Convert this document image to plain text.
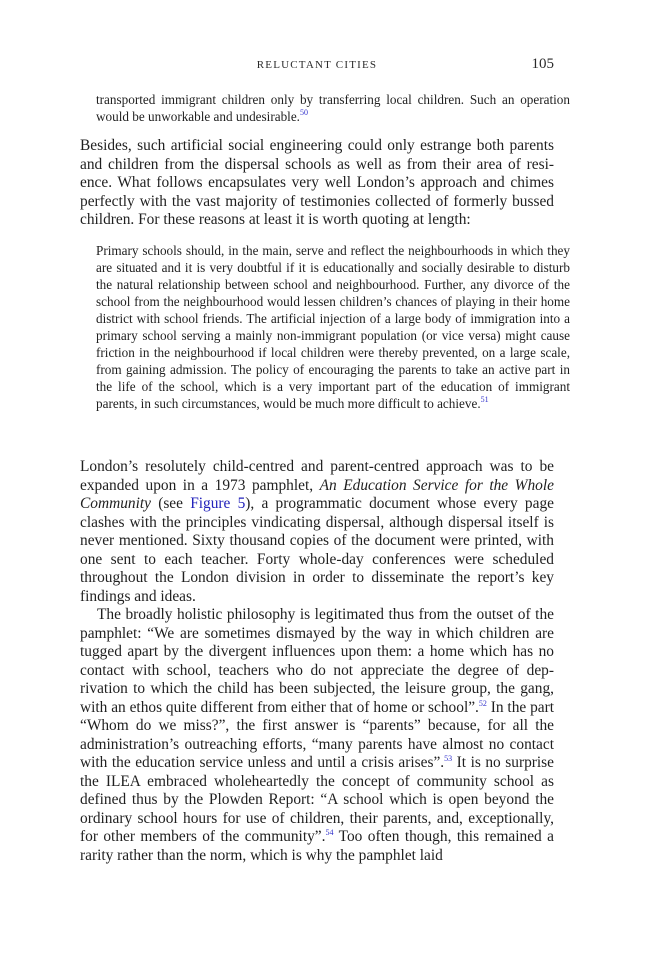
RELUCTANT CITIES	105
transported immigrant children only by transferring local children. Such an operation would be unworkable and undesirable.$^{50}$

Besides, such artificial social engineering could only estrange both parents and children from the dispersal schools as well as from their area of resience. What follows encapsulates very well London’s approach and chimes perfectly with the vast majority of testimonies collected of formerly bussed children. For these reasons at least it is worth quoting at length:

Primary schools should, in the main, serve and reflect the neighbourhoods in which they are situated and it is very doubtful if it is educationally and socially desirable to disturb the natural relationship between school and neighbourhood. Further, any divorce of the school from the neighbourhood would lessen children’s chances of playing in their home district with school friends. The artificial injection of a large body of immigration into a primary school serving a mainly non-immigrant population (or vice versa) might cause friction in the neighbourhood if local children were thereby prevented, on a large scale, from gaining admission. The policy of encouraging the parents to take an active part in the life of the school, which is a very important part of the education of immigrant parents, in such circumstances, would be much more difficult to achieve.$^{51}$

London’s resolutely child-centred and parent-centred approach was to be expanded upon in a 1973 pamphlet, An Education Service for the Whole Community (see Figure 5), a programmatic document whose every page clashes with the principles vindicating dispersal, although dispersal itself is never mentioned. Sixty thousand copies of the document were printed, with one sent to each teacher. Forty whole-day conferences were scheduled throughout the London division in order to disseminate the report’s key findings and ideas.

The broadly holistic philosophy is legitimated thus from the outset of the pamphlet: “We are sometimes dismayed by the way in which children are tugged apart by the divergent influences upon them: a home which has no contact with school, teachers who do not appreciate the degree of deprivation to which the child has been subjected, the leisure group, the gang, with an ethos quite different from either that of home or school”.$^{52}$ In the part “Whom do we miss?”, the first answer is “parents” because, for all the administration’s outreaching efforts, “many parents have almost no contact with the education service unless and until a crisis arises”.$^{53}$ It is no surprise the ILEA embraced wholeheartedly the concept of community school as defined thus by the Plowden Report: “A school which is open beyond the ordinary school hours for use of children, their parents, and, exceptionally, for other members of the community”.$^{54}$ Too often though, this remained a rarity rather than the norm, which is why the pamphlet laid
